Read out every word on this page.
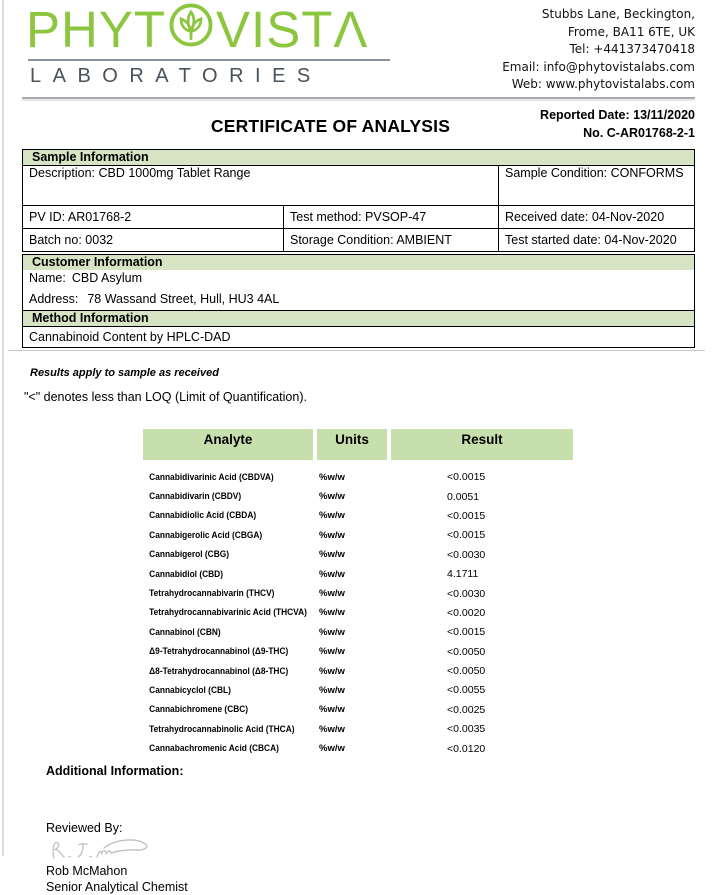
PHYT VIST Λ
LABORATORIES
Stubbs Lane, Beckington,
Frome, BA11 6TE, UK
Tel: +441373470418
Email: info@phytovistalabs.com
Web: www.phytovistalabs.com
CERTIFICATE OF ANALYSIS
Reported Date: 13/11/2020
No. C-AR01768-2-1
Sample Information
Description: CBD 1000mg Tablet Range		Sample Condition: CONFORMS
PV ID: AR01768-2	Test method: PVSOP-47	Received date: 04-Nov-2020
Batch no: 0032	Storage Condition: AMBIENT	Test started date: 04-Nov-2020
Customer Information
Name: CBD Asylum
Address: 78 Wassand Street, Hull, HU3 4AL
Method Information
Cannabinoid Content by HPLC-DAD
Results apply to sample as received
"<" denotes less than LOQ (Limit of Quantification).
Analyte	Units	Result
Cannabidivarinic Acid (CBDVA)	%w/w	<0.0015
Cannabidivarin (CBDV)	%w/w	0.0051
Cannabidiolic Acid (CBDA)	%w/w	<0.0015
Cannabigerolic Acid (CBGA)	%w/w	<0.0015
Cannabigerol (CBG)	%w/w	<0.0030
Cannabidiol (CBD)	%w/w	4.1711
Tetrahydrocannabivarin (THCV)	%w/w	<0.0030
Tetrahydrocannabivarinic Acid (THCVA) %w/w	<0.0020
Cannabinol (CBN)	%w/w	<0.0015
Δ9-Tetrahydrocannabinol (Δ9-THC)	%w/w	<0.0050
Δ8-Tetrahydrocannabinol (Δ8-THC)	%w/w	<0.0050
Cannabicyclol (CBL)	%w/w	<0.0055
Cannabichromene (CBC)	%w/w	<0.0025
Tetrahydrocannabinolic Acid (THCA)	%w/w	<0.0035
Cannabachromenic Acid (CBCA)	%w/w	<0.0120
Additional Information:
Reviewed By:
Rob McMahon
Senior Analytical Chemist
